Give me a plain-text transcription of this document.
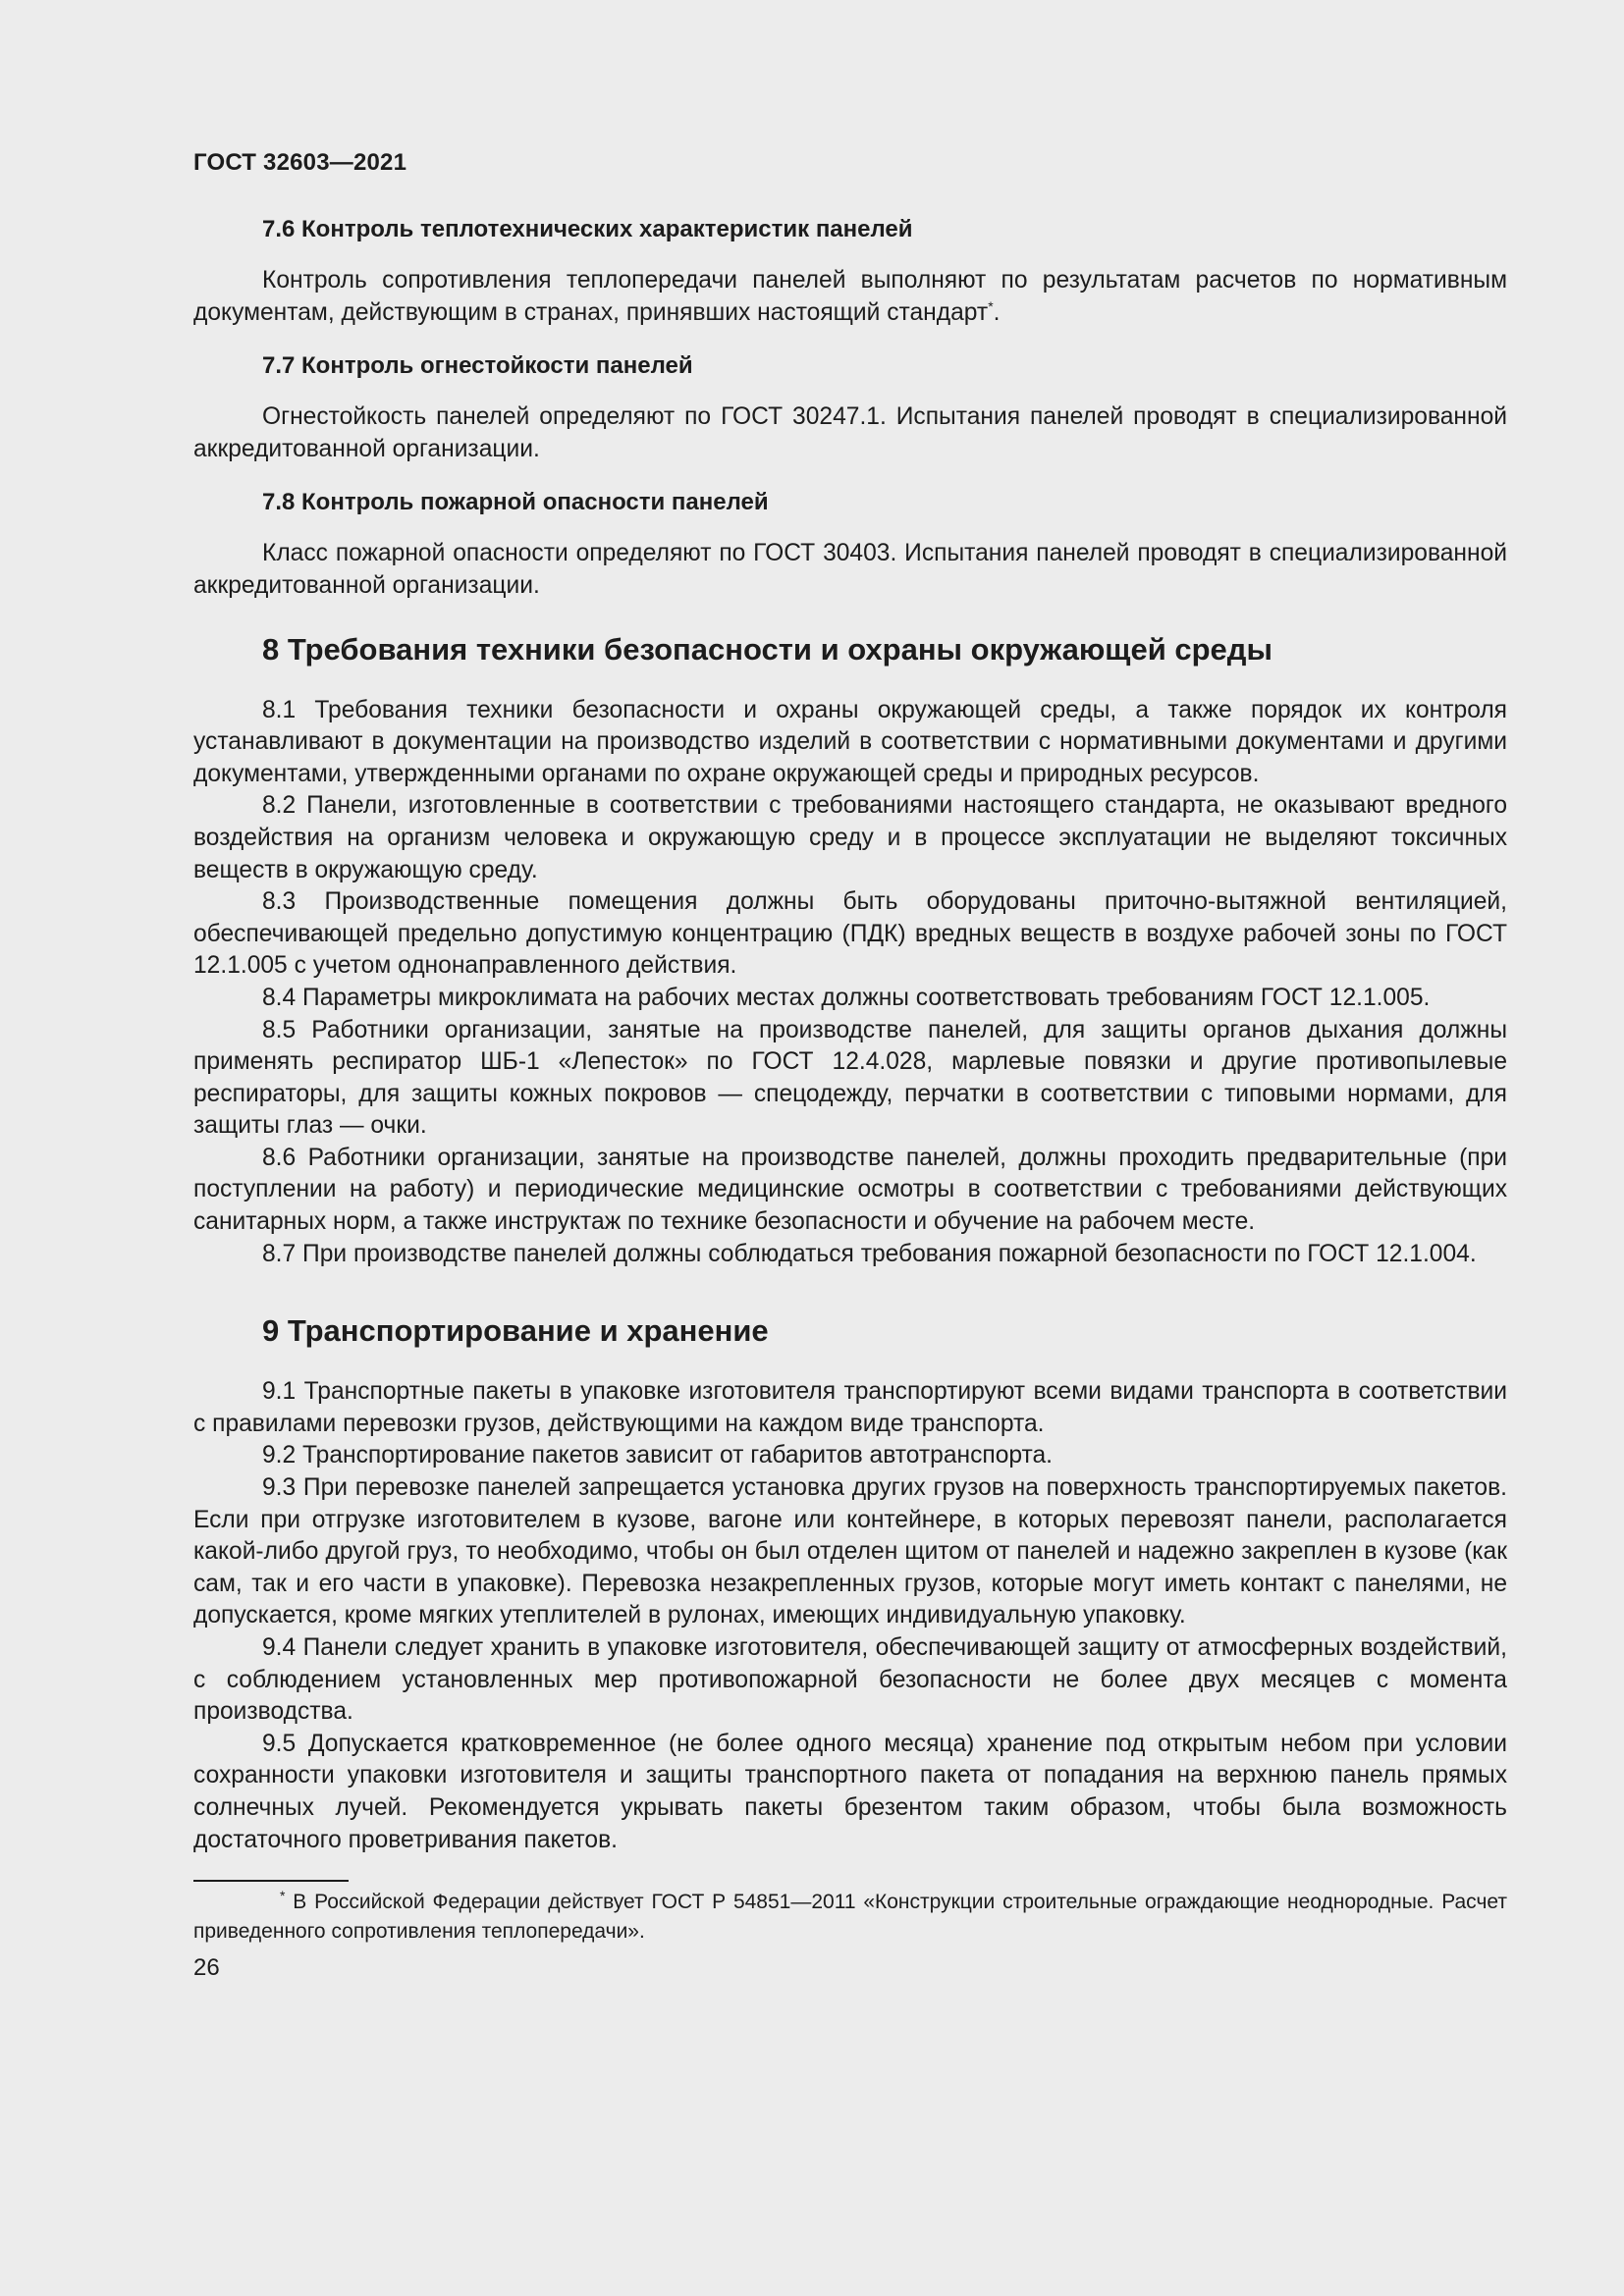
ГОСТ 32603—2021
7.6 Контроль теплотехнических характеристик панелей

Контроль сопротивления теплопередачи панелей выполняют по результатам расчетов по нормативным документам, действующим в странах, принявших настоящий стандарт*.

7.7 Контроль огнестойкости панелей

Огнестойкость панелей определяют по ГОСТ 30247.1. Испытания панелей проводят в специализированной аккредитованной организации.

7.8 Контроль пожарной опасности панелей

Класс пожарной опасности определяют по ГОСТ 30403. Испытания панелей проводят в специализированной аккредитованной организации.

8 Требования техники безопасности и охраны окружающей среды

8.1 Требования техники безопасности и охраны окружающей среды, а также порядок их контроля устанавливают в документации на производство изделий в соответствии с нормативными документами и другими документами, утвержденными органами по охране окружающей среды и природных ресурсов.

8.2 Панели, изготовленные в соответствии с требованиями настоящего стандарта, не оказывают вредного воздействия на организм человека и окружающую среду и в процессе эксплуатации не выделяют токсичных веществ в окружающую среду.

8.3 Производственные помещения должны быть оборудованы приточно-вытяжной вентиляцией, обеспечивающей предельно допустимую концентрацию (ПДК) вредных веществ в воздухе рабочей зоны по ГОСТ 12.1.005 с учетом однонаправленного действия.

8.4 Параметры микроклимата на рабочих местах должны соответствовать требованиям ГОСТ 12.1.005.

8.5 Работники организации, занятые на производстве панелей, для защиты органов дыхания должны применять респиратор ШБ-1 «Лепесток» по ГОСТ 12.4.028, марлевые повязки и другие противопылевые респираторы, для защиты кожных покровов — спецодежду, перчатки в соответствии с типовыми нормами, для защиты глаз — очки.

8.6 Работники организации, занятые на производстве панелей, должны проходить предварительные (при поступлении на работу) и периодические медицинские осмотры в соответствии с требованиями действующих санитарных норм, а также инструктаж по технике безопасности и обучение на рабочем месте.

8.7 При производстве панелей должны соблюдаться требования пожарной безопасности по ГОСТ 12.1.004.

9 Транспортирование и хранение

9.1 Транспортные пакеты в упаковке изготовителя транспортируют всеми видами транспорта в соответствии с правилами перевозки грузов, действующими на каждом виде транспорта.

9.2 Транспортирование пакетов зависит от габаритов автотранспорта.

9.3 При перевозке панелей запрещается установка других грузов на поверхность транспортируемых пакетов. Если при отгрузке изготовителем в кузове, вагоне или контейнере, в которых перевозят панели, располагается какой-либо другой груз, то необходимо, чтобы он был отделен щитом от панелей и надежно закреплен в кузове (как сам, так и его части в упаковке). Перевозка незакрепленных грузов, которые могут иметь контакт с панелями, не допускается, кроме мягких утеплителей в рулонах, имеющих индивидуальную упаковку.

9.4 Панели следует хранить в упаковке изготовителя, обеспечивающей защиту от атмосферных воздействий, с соблюдением установленных мер противопожарной безопасности не более двух месяцев с момента производства.

9.5 Допускается кратковременное (не более одного месяца) хранение под открытым небом при условии сохранности упаковки изготовителя и защиты транспортного пакета от попадания на верхнюю панель прямых солнечных лучей. Рекомендуется укрывать пакеты брезентом таким образом, чтобы была возможность достаточного проветривания пакетов.

* В Российской Федерации действует ГОСТ Р 54851—2011 «Конструкции строительные ограждающие неоднородные. Расчет приведенного сопротивления теплопередачи».

26
